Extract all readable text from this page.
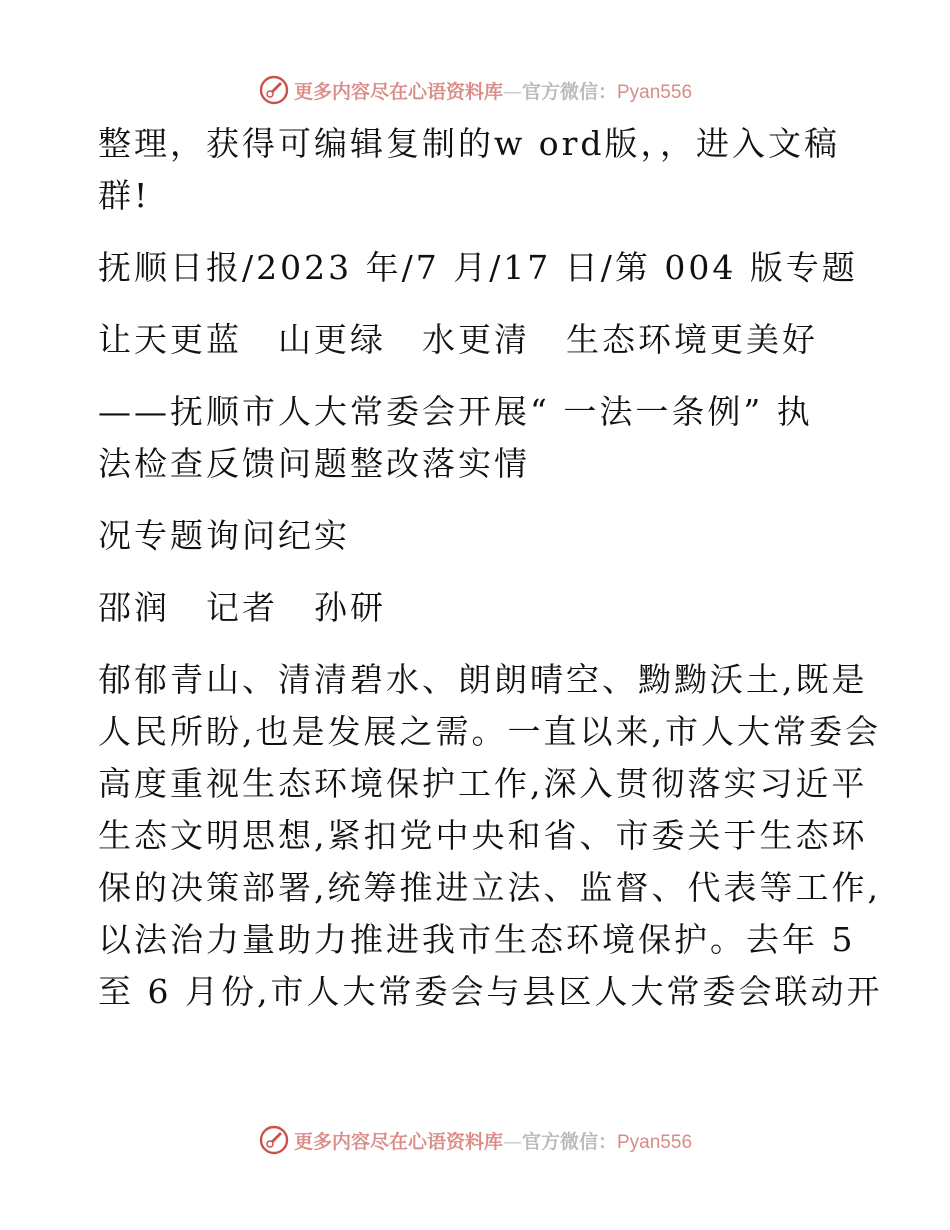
更多内容尽在心语资料库—官方微信：Pyan556

整理，获得可编辑复制的w ord版，，进入文稿

群!

抚顺日报/2023 年/7 月/17 日/第 004 版专题

让天更蓝　山更绿　水更清　生态环境更美好

——抚顺市人大常委会开展“ 一法一条例” 执

法检查反馈问题整改落实情

况专题询问纪实

邵润　记者　孙研

郁郁青山、清清碧水、朗朗晴空、黝黝沃土,既是

人民所盼,也是发展之需。一直以来,市人大常委会

高度重视生态环境保护工作,深入贯彻落实习近平

生态文明思想,紧扣党中央和省、市委关于生态环

保的决策部署,统筹推进立法、监督、代表等工作,

以法治力量助力推进我市生态环境保护。去年 5

至 6 月份,市人大常委会与县区人大常委会联动开

更多内容尽在心语资料库—官方微信：Pyan556
